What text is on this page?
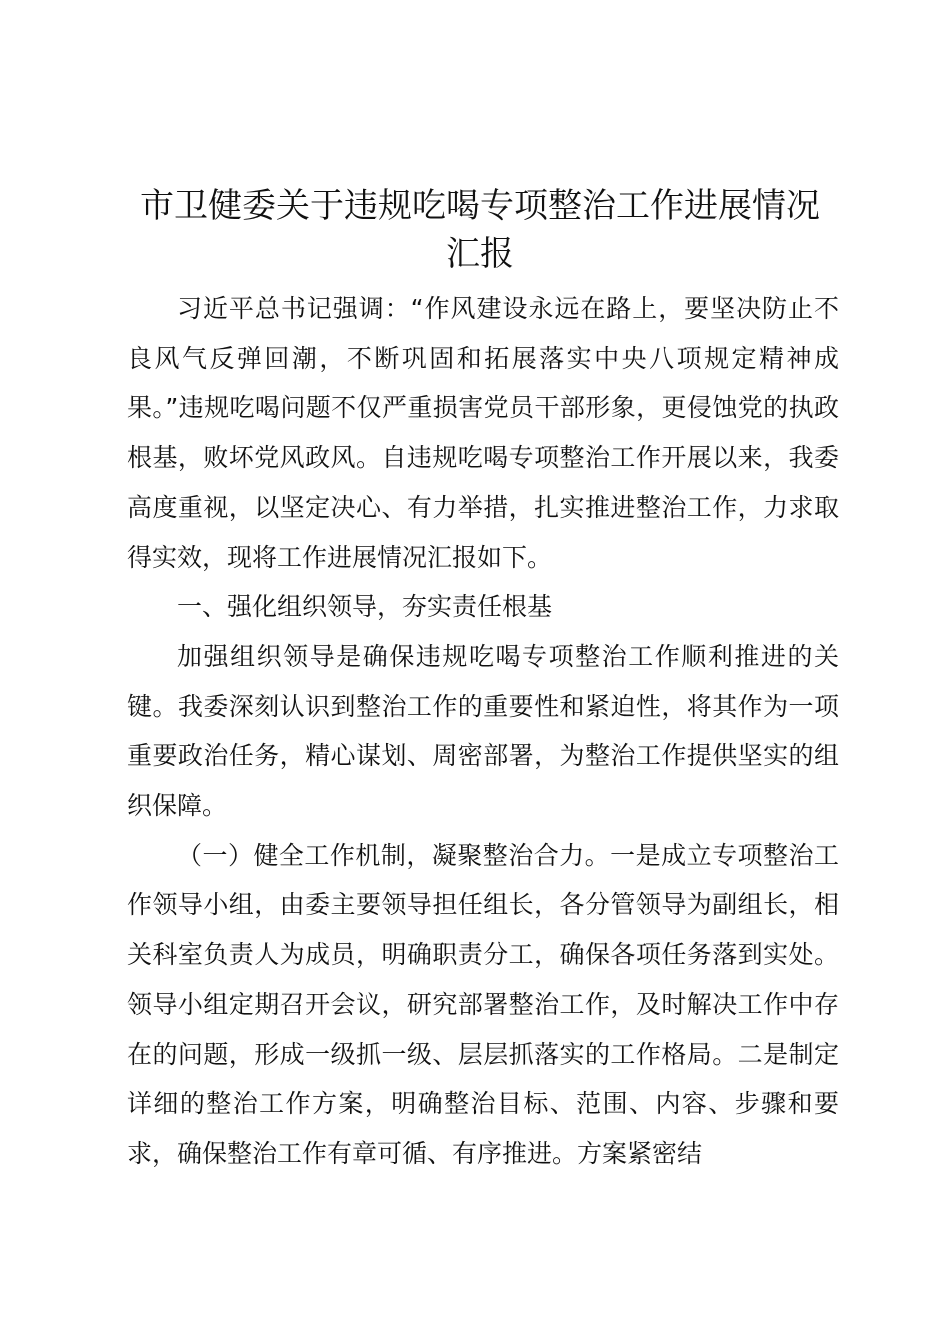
市卫健委关于违规吃喝专项整治工作进展情况
汇报

习近平总书记强调：“作风建设永远在路上，要坚决防止不良风气反弹回潮，不断巩固和拓展落实中央八项规定精神成果。”违规吃喝问题不仅严重损害党员干部形象，更侵蚀党的执政根基，败坏党风政风。自违规吃喝专项整治工作开展以来，我委高度重视，以坚定决心、有力举措，扎实推进整治工作，力求取得实效，现将工作进展情况汇报如下。

一、强化组织领导，夯实责任根基

加强组织领导是确保违规吃喝专项整治工作顺利推进的关键。我委深刻认识到整治工作的重要性和紧迫性，将其作为一项重要政治任务，精心谋划、周密部署，为整治工作提供坚实的组织保障。

（一）健全工作机制，凝聚整治合力。一是成立专项整治工作领导小组，由委主要领导担任组长，各分管领导为副组长，相关科室负责人为成员，明确职责分工，确保各项任务落到实处。领导小组定期召开会议，研究部署整治工作，及时解决工作中存在的问题，形成一级抓一级、层层抓落实的工作格局。二是制定详细的整治工作方案，明确整治目标、范围、内容、步骤和要求，确保整治工作有章可循、有序推进。方案紧密结
